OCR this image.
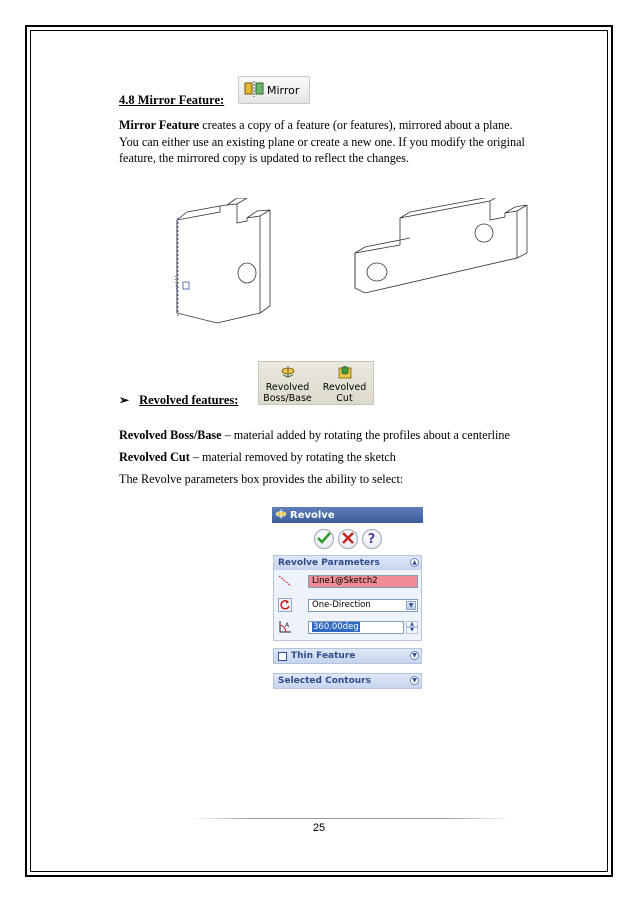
4.8 Mirror Feature:
Mirror
Mirror Feature creates a copy of a feature (or features), mirrored about a plane.
You can either use an existing plane or create a new one. If you modify the original
feature, the mirrored copy is updated to reflect the changes.
Revolved
Boss/Base
Revolved
Cut
➢ Revolved features:
Revolved Boss/Base – material added by rotating the profiles about a centerline
Revolved Cut – material removed by rotating the sketch
The Revolve parameters box provides the ability to select:
Revolve
?
Revolve Parameters	▲
Line1@Sketch2
One-Direction	▼
A	360.00deg	▲
▼
Thin Feature	▼
Selected Contours	▼
25
